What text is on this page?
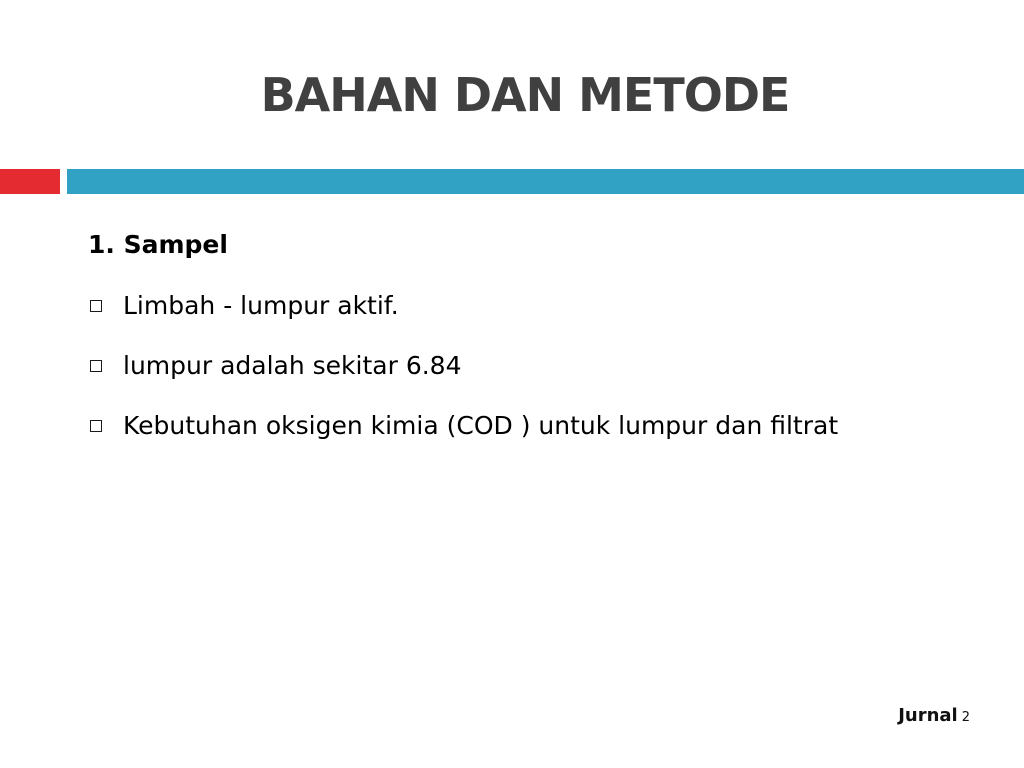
BAHAN DAN METODE
1. Sampel
Limbah - lumpur aktif.
lumpur adalah sekitar 6.84
Kebutuhan oksigen kimia (COD ) untuk lumpur dan filtrat
Jurnal 2
